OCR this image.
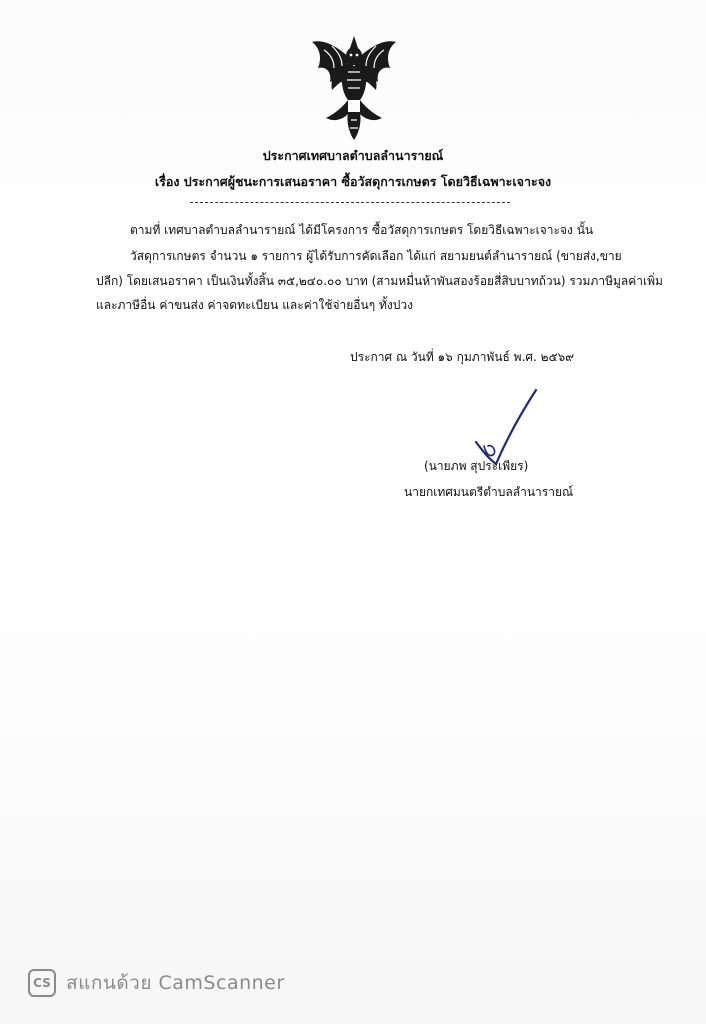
ประกาศเทศบาลตำบลลำนารายณ์
เรื่อง ประกาศผู้ชนะการเสนอราคา ซื้อวัสดุการเกษตร โดยวิธีเฉพาะเจาะจง
ตามที่ เทศบาลตำบลลำนารายณ์ ได้มีโครงการ ซื้อวัสดุการเกษตร โดยวิธีเฉพาะเจาะจง นั้น
วัสดุการเกษตร จำนวน ๑ รายการ ผู้ได้รับการคัดเลือก ได้แก่ สยามยนต์ลำนารายณ์ (ขายส่ง,ขาย
ปลีก) โดยเสนอราคา เป็นเงินทั้งสิ้น ๓๕,๒๔๐.๐๐ บาท (สามหมื่นห้าพันสองร้อยสี่สิบบาทถ้วน) รวมภาษีมูลค่าเพิ่ม
และภาษีอื่น ค่าขนส่ง ค่าจดทะเบียน และค่าใช้จ่ายอื่นๆ ทั้งปวง
ประกาศ ณ วันที่ ๑๖ กุมภาพันธ์ พ.ศ. ๒๕๖๙
(นายภพ สุประเพียร)
นายกเทศมนตรีตำบลลำนารายณ์
CS สแกนด้วย CamScanner
